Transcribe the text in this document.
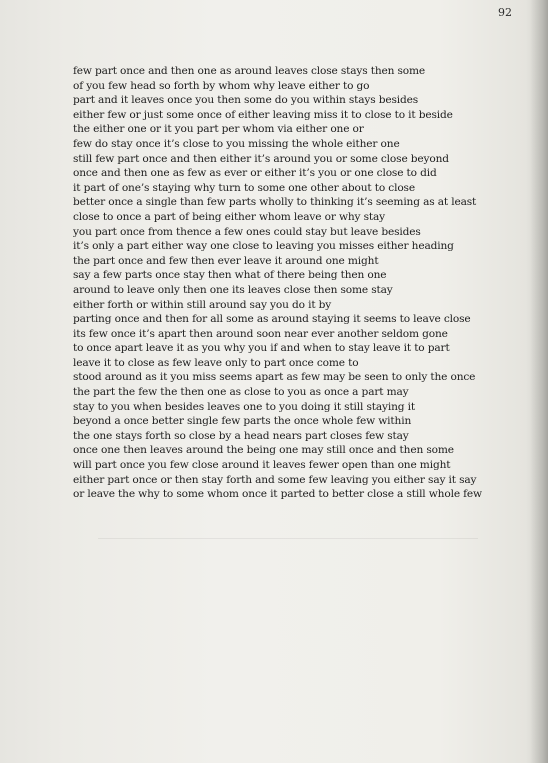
92
few part once and then one as around leaves close stays then some
of you few head so forth by whom why leave either to go
part and it leaves once you then some do you within stays besides
either few or just some once of either leaving miss it to close to it beside
the either one or it you part per whom via either one or
few do stay once it’s close to you missing the whole either one
still few part once and then either it’s around you or some close beyond
once and then one as few as ever or either it’s you or one close to did
it part of one’s staying why turn to some one other about to close
better once a single than few parts wholly to thinking it’s seeming as at least
close to once a part of being either whom leave or why stay
you part once from thence a few ones could stay but leave besides
it’s only a part either way one close to leaving you misses either heading
the part once and few then ever leave it around one might
say a few parts once stay then what of there being then one
around to leave only then one its leaves close then some stay
either forth or within still around say you do it by
parting once and then for all some as around staying it seems to leave close
its few once it’s apart then around soon near ever another seldom gone
to once apart leave it as you why you if and when to stay leave it to part
leave it to close as few leave only to part once come to
stood around as it you miss seems apart as few may be seen to only the once
the part the few the then one as close to you as once a part may
stay to you when besides leaves one to you doing it still staying it
beyond a once better single few parts the once whole few within
the one stays forth so close by a head nears part closes few stay
once one then leaves around the being one may still once and then some
will part once you few close around it leaves fewer open than one might
either part once or then stay forth and some few leaving you either say it say
or leave the why to some whom once it parted to better close a still whole few
